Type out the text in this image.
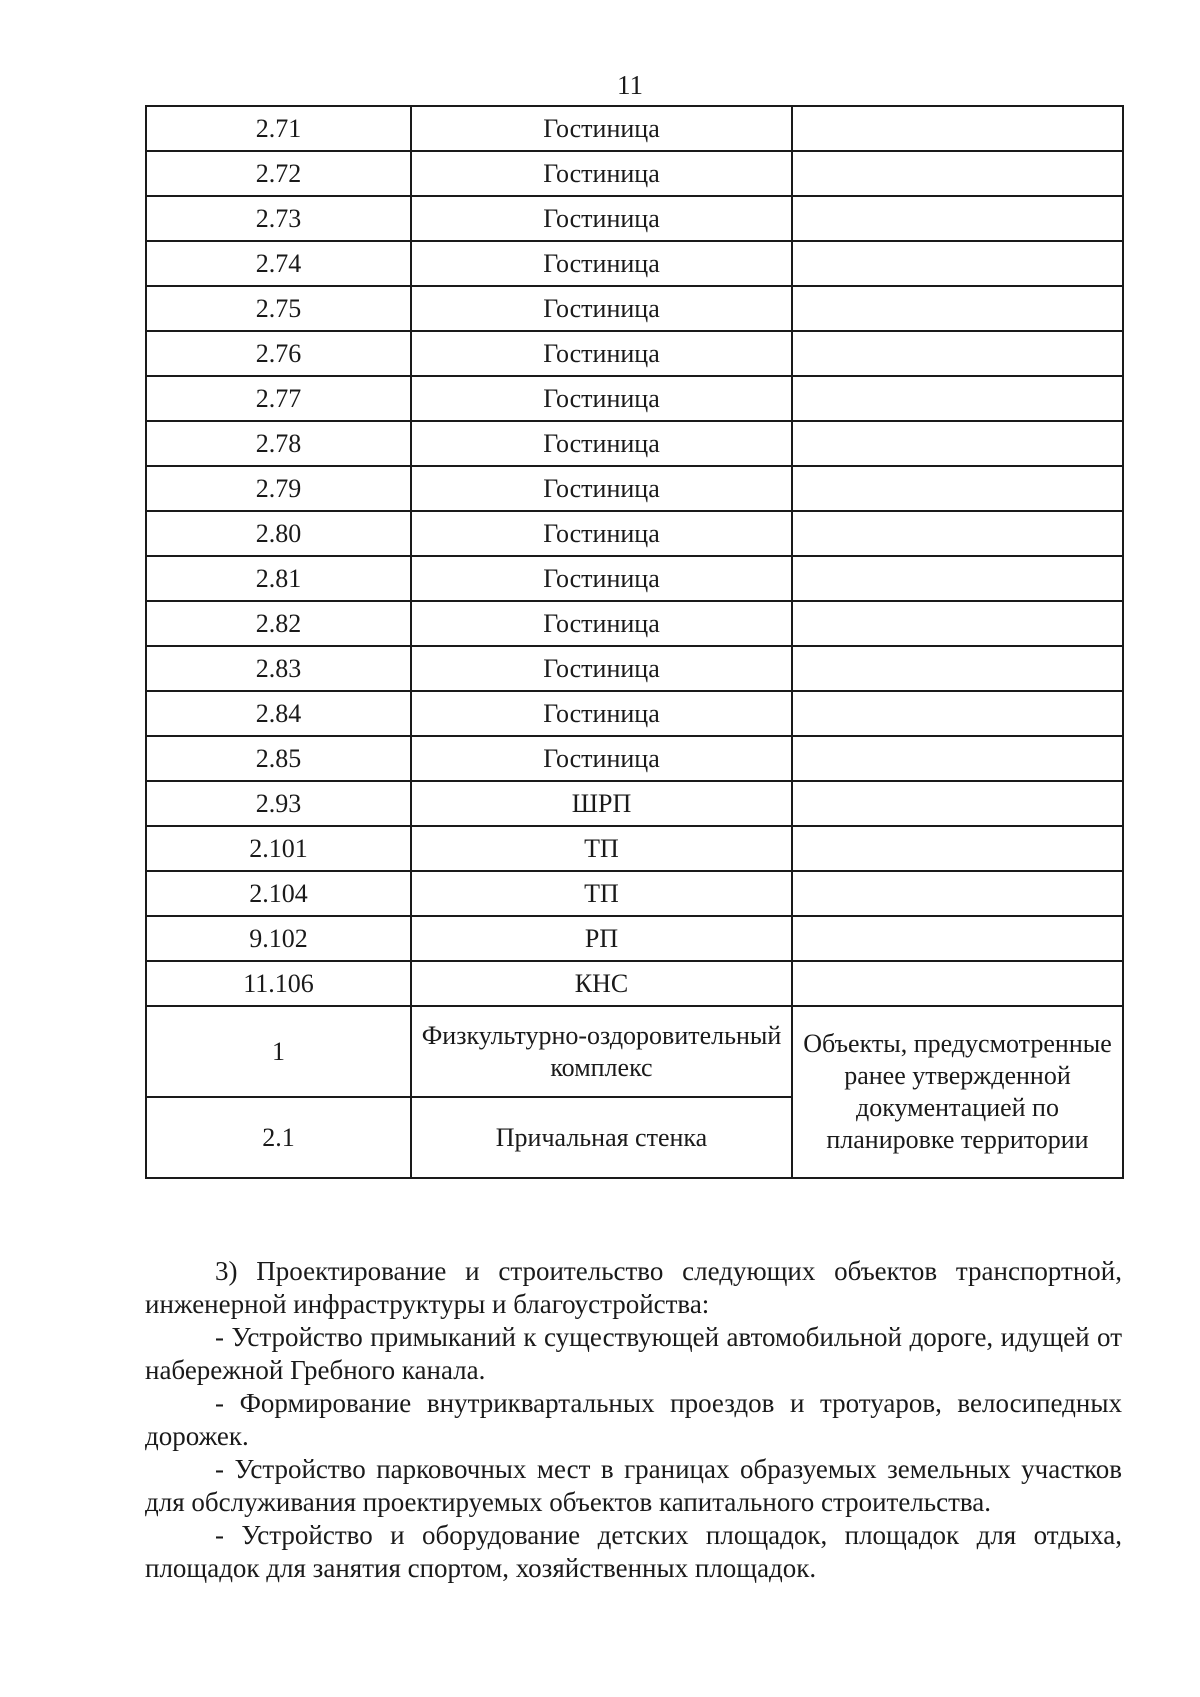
11
2.71	Гостиница	
2.72	Гостиница	
2.73	Гостиница	
2.74	Гостиница	
2.75	Гостиница	
2.76	Гостиница	
2.77	Гостиница	
2.78	Гостиница	
2.79	Гостиница	
2.80	Гостиница	
2.81	Гостиница	
2.82	Гостиница	
2.83	Гостиница	
2.84	Гостиница	
2.85	Гостиница	
2.93	ШРП	
2.101	ТП	
2.104	ТП	
9.102	РП	
11.106	КНС	
1	Физкультурно-оздоровительный комплекс	Объекты, предусмотренные ранее утвержденной документацией по планировке территории
2.1	Причальная стенка	

3) Проектирование и строительство следующих объектов транспортной, инженерной инфраструктуры и благоустройства:

- Устройство примыканий к существующей автомобильной дороге, идущей от набережной Гребного канала.

- Формирование внутриквартальных проездов и тротуаров, велосипедных дорожек.

- Устройство парковочных мест в границах образуемых земельных участков для обслуживания проектируемых объектов капитального строительства.

- Устройство и оборудование детских площадок, площадок для отдыха, площадок для занятия спортом, хозяйственных площадок.
